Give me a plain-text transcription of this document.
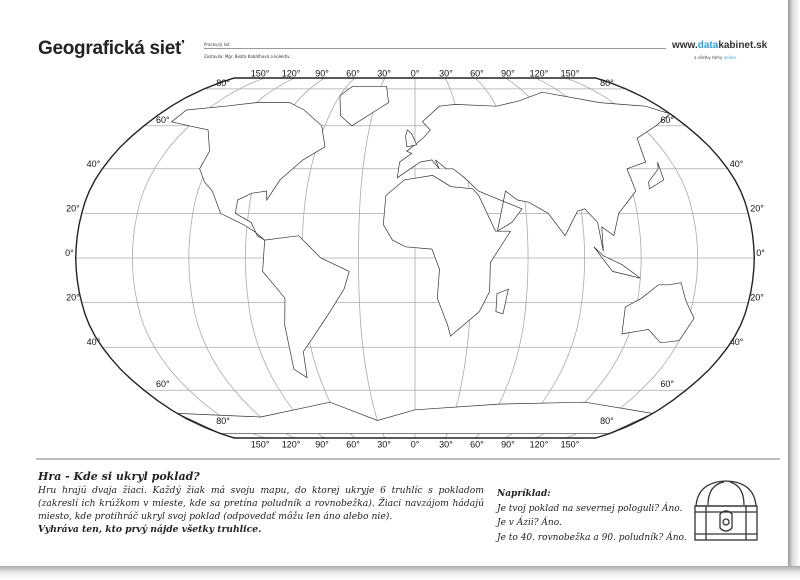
Geografická sieť	Pracovný list
Zostavila: Mgr. Beáta Kabáthová a kolektív
www.datakabinet.sk
a všetky témy online
150°
150°
120°
120°
90°
90°
60°
60°
30°
30°
0°
0°
30°
30°
60°
60°
90°
90°
120°
120°
150°
150°
80°	80°
60°	60°
40°	40°
20°	20°
0°	0°
20°	20°
40°	40°
60°	60°
80°	80°
Hra - Kde si ukryl poklad?

Hru hrajú dvaja žiaci. Každý žiak má svoju mapu, do ktorej ukryje 6 truhlíc s pokladom (zakreslí ich krúžkom v mieste, kde sa pretína poludník a rovnobežka). Žiaci navzájom hádajú miesto, kde protihráč ukryl svoj poklad (odpovedať môžu len áno alebo nie).
Vyhráva ten, kto prvý nájde všetky truhlice.

Napríklad:
Je tvoj poklad na severnej pologuli? Áno.
Je v Ázii? Áno.
Je to 40. rovnobežka a 90. poludník? Áno.
